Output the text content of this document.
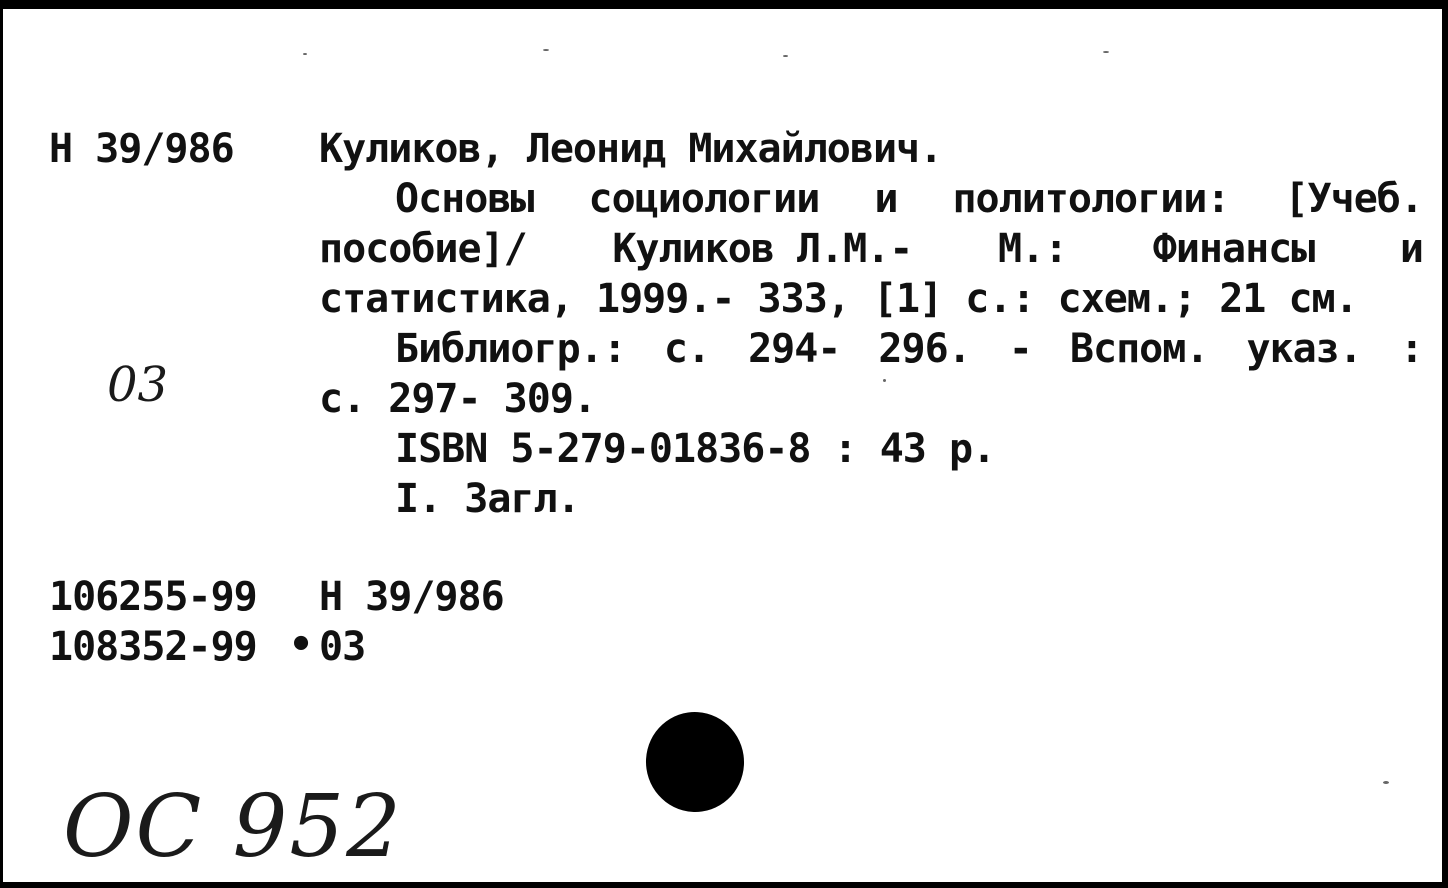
Н 39/986 Куликов, Леонид Михайлович.
Основы социологии и политологии: [Учеб.
пособие]/ Куликов Л.М.- М.: Финансы и
статистика, 1999.- 333, [1] с.: схем.; 21 см.
Библиогр.: с. 294- 296. - Вспом. указ. :
с. 297- 309.
03
ISBN 5-279-01836-8 : 43 р.
I. Загл.
106255-99 Н 39/986
108352-99 • 03
OC 952
